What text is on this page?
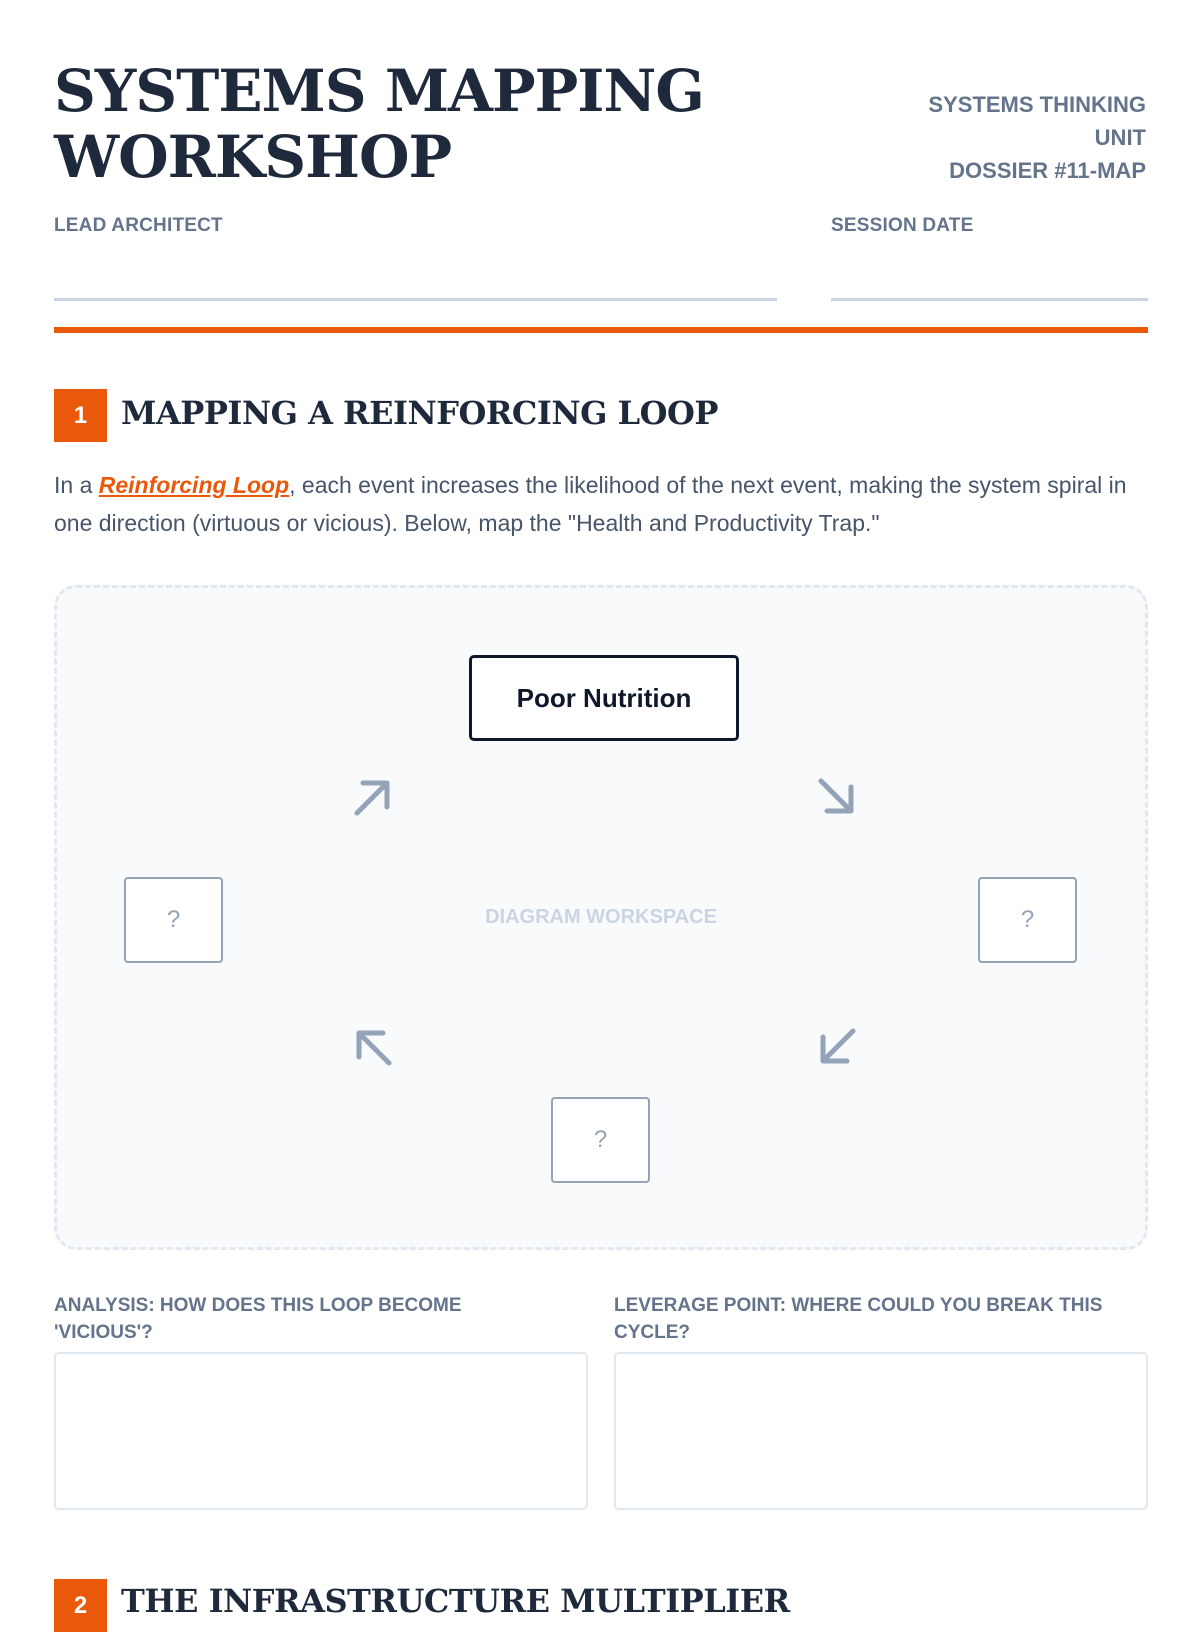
SYSTEMS MAPPING
WORKSHOP
SYSTEMS THINKING
UNIT
DOSSIER #11-MAP
LEAD ARCHITECT	SESSION DATE
1	MAPPING A REINFORCING LOOP

In a Reinforcing Loop, each event increases the likelihood of the next event, making the system spiral in one direction (virtuous or vicious). Below, map the "Health and Productivity Trap."

Poor Nutrition
?	DIAGRAM WORKSPACE	?
?
ANALYSIS: HOW DOES THIS LOOP BECOME 'VICIOUS'?
LEVERAGE POINT: WHERE COULD YOU BREAK THIS CYCLE?
2	THE INFRASTRUCTURE MULTIPLIER
